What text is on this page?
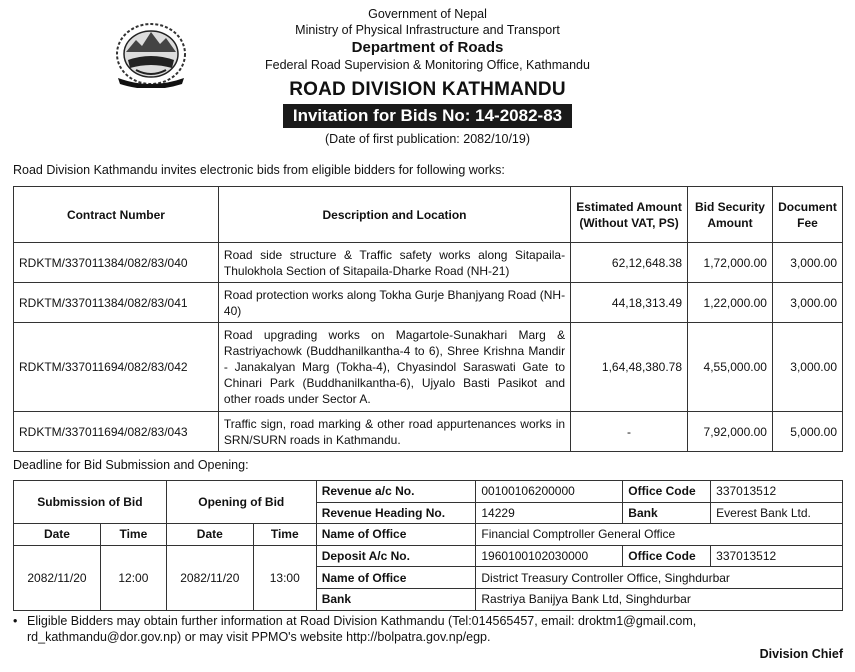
Government of Nepal
Ministry of Physical Infrastructure and Transport
Department of Roads
Federal Road Supervision & Monitoring Office, Kathmandu
ROAD DIVISION KATHMANDU
Invitation for Bids No: 14-2082-83
(Date of first publication: 2082/10/19)
Road Division Kathmandu invites electronic bids from eligible bidders for following works:
Contract Number	Description and Location	Estimated Amount (Without VAT, PS)	Bid Security Amount	Document Fee
RDKTM/337011384/082/83/040	Road side structure & Traffic safety works along Sitapaila-Thulokhola Section of Sitapaila-Dharke Road (NH-21)	62,12,648.38	1,72,000.00	3,000.00
RDKTM/337011384/082/83/041	Road protection works along Tokha Gurje Bhanjyang Road (NH-40)	44,18,313.49	1,22,000.00	3,000.00
RDKTM/337011694/082/83/042	Road upgrading works on Magartole-Sunakhari Marg & Rastriyachowk (Buddhanilkantha-4 to 6), Shree Krishna Mandir - Janakalyan Marg (Tokha-4), Chyasindol Saraswati Gate to Chinari Park (Buddhanilkantha-6), Ujyalo Basti Pasikot and other roads under Sector A.	1,64,48,380.78	4,55,000.00	3,000.00
RDKTM/337011694/082/83/043	Traffic sign, road marking & other road appurtenances works in SRN/SURN roads in Kathmandu.	-	7,92,000.00	5,000.00
Deadline for Bid Submission and Opening:
Submission of Bid		Opening of Bid		Revenue a/c No.	00100106200000	Office Code	337013512
				Revenue Heading No.	14229	Bank	Everest Bank Ltd.
Date	Time	Date	Time	Name of Office	Financial Comptroller General Office		
2082/11/20	12:00	2082/11/20	13:00	Deposit A/c No.	1960100102030000	Office Code	337013512
				Name of Office	District Treasury Controller Office, Singhdurbar		
				Bank	Rastriya Banijya Bank Ltd, Singhdurbar		
• Eligible Bidders may obtain further information at Road Division Kathmandu (Tel:014565457, email: droktm1@gmail.com, rd_kathmandu@dor.gov.np) or may visit PPMO's website http://bolpatra.gov.np/egp.
Division Chief
